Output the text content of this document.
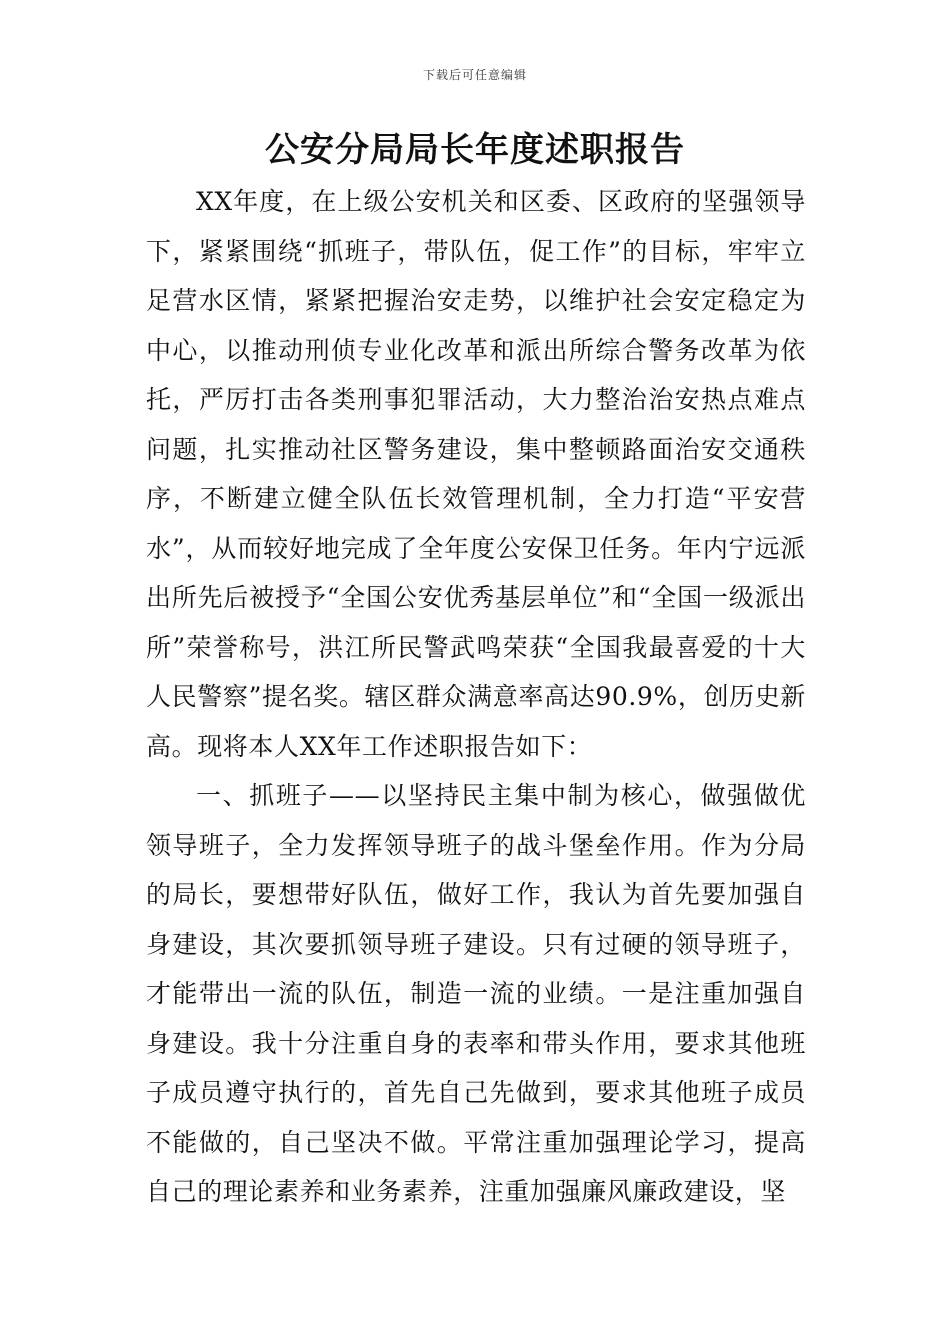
下载后可任意编辑
公安分局局长年度述职报告

XX年度，在上级公安机关和区委、区政府的坚强领导下，紧紧围绕“抓班子，带队伍，促工作”的目标，牢牢立足营水区情，紧紧把握治安走势，以维护社会安定稳定为中心，以推动刑侦专业化改革和派出所综合警务改革为依托，严厉打击各类刑事犯罪活动，大力整治治安热点难点问题，扎实推动社区警务建设，集中整顿路面治安交通秩序，不断建立健全队伍长效管理机制，全力打造“平安营水”，从而较好地完成了全年度公安保卫任务。年内宁远派出所先后被授予“全国公安优秀基层单位”和“全国一级派出所”荣誉称号，洪江所民警武鸣荣获“全国我最喜爱的十大人民警察”提名奖。辖区群众满意率高达90.9%，创历史新高。现将本人XX年工作述职报告如下：

一、抓班子——以坚持民主集中制为核心，做强做优领导班子，全力发挥领导班子的战斗堡垒作用。作为分局的局长，要想带好队伍，做好工作，我认为首先要加强自身建设，其次要抓领导班子建设。只有过硬的领导班子，才能带出一流的队伍，制造一流的业绩。一是注重加强自身建设。我十分注重自身的表率和带头作用，要求其他班子成员遵守执行的，首先自己先做到，要求其他班子成员不能做的，自己坚决不做。平常注重加强理论学习，提高自己的理论素养和业务素养，注重加强廉风廉政建设，坚
